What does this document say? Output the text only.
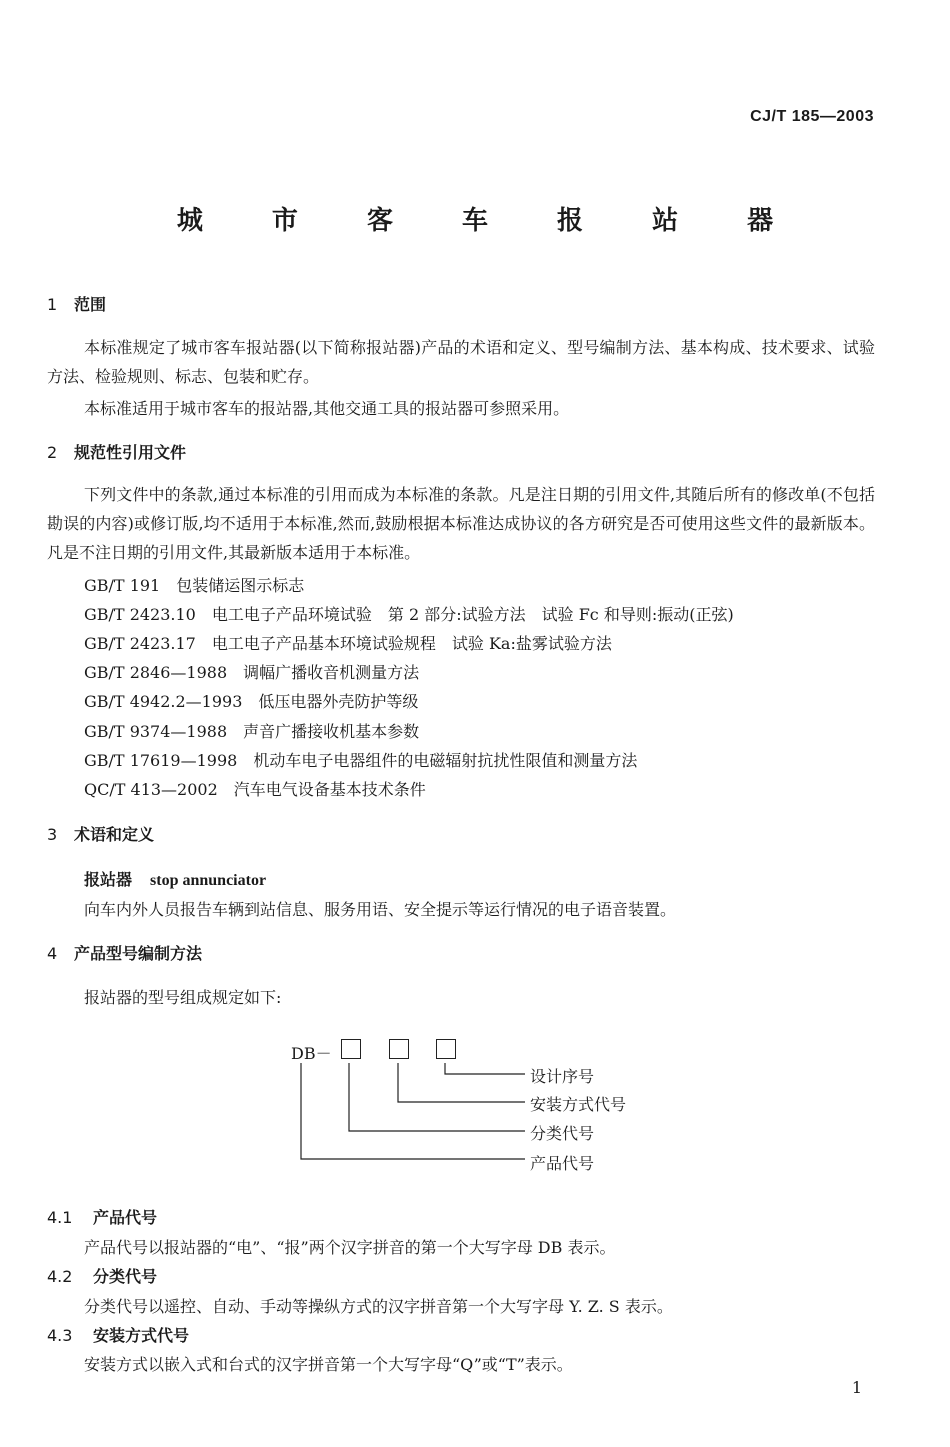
CJ/T 185—2003
城 市 客 车 报 站 器
1 范围
本标准规定了城市客车报站器(以下简称报站器)产品的术语和定义、型号编制方法、基本构成、技术要求、试验方法、检验规则、标志、包装和贮存。
本标准适用于城市客车的报站器,其他交通工具的报站器可参照采用。
2 规范性引用文件
下列文件中的条款,通过本标准的引用而成为本标准的条款。凡是注日期的引用文件,其随后所有的修改单(不包括勘误的内容)或修订版,均不适用于本标准,然而,鼓励根据本标准达成协议的各方研究是否可使用这些文件的最新版本。凡是不注日期的引用文件,其最新版本适用于本标准。
GB/T 191 包装储运图示标志
GB/T 2423.10 电工电子产品环境试验　第 2 部分:试验方法　试验 Fc 和导则:振动(正弦)
GB/T 2423.17 电工电子产品基本环境试验规程　试验 Ka:盐雾试验方法
GB/T 2846—1988 调幅广播收音机测量方法
GB/T 4942.2—1993 低压电器外壳防护等级
GB/T 9374—1988 声音广播接收机基本参数
GB/T 17619—1998 机动车电子电器组件的电磁辐射抗扰性限值和测量方法
QC/T 413—2002 汽车电气设备基本技术条件
3 术语和定义
报站器 stop annunciator
向车内外人员报告车辆到站信息、服务用语、安全提示等运行情况的电子语音装置。
4 产品型号编制方法
报站器的型号组成规定如下:
DB－
设计序号
安装方式代号
分类代号
产品代号
4.1 产品代号
产品代号以报站器的“电”、“报”两个汉字拼音的第一个大写字母 DB 表示。
4.2 分类代号
分类代号以遥控、自动、手动等操纵方式的汉字拼音第一个大写字母 Y. Z. S 表示。
4.3 安装方式代号
安装方式以嵌入式和台式的汉字拼音第一个大写字母“Q”或“T”表示。
1
